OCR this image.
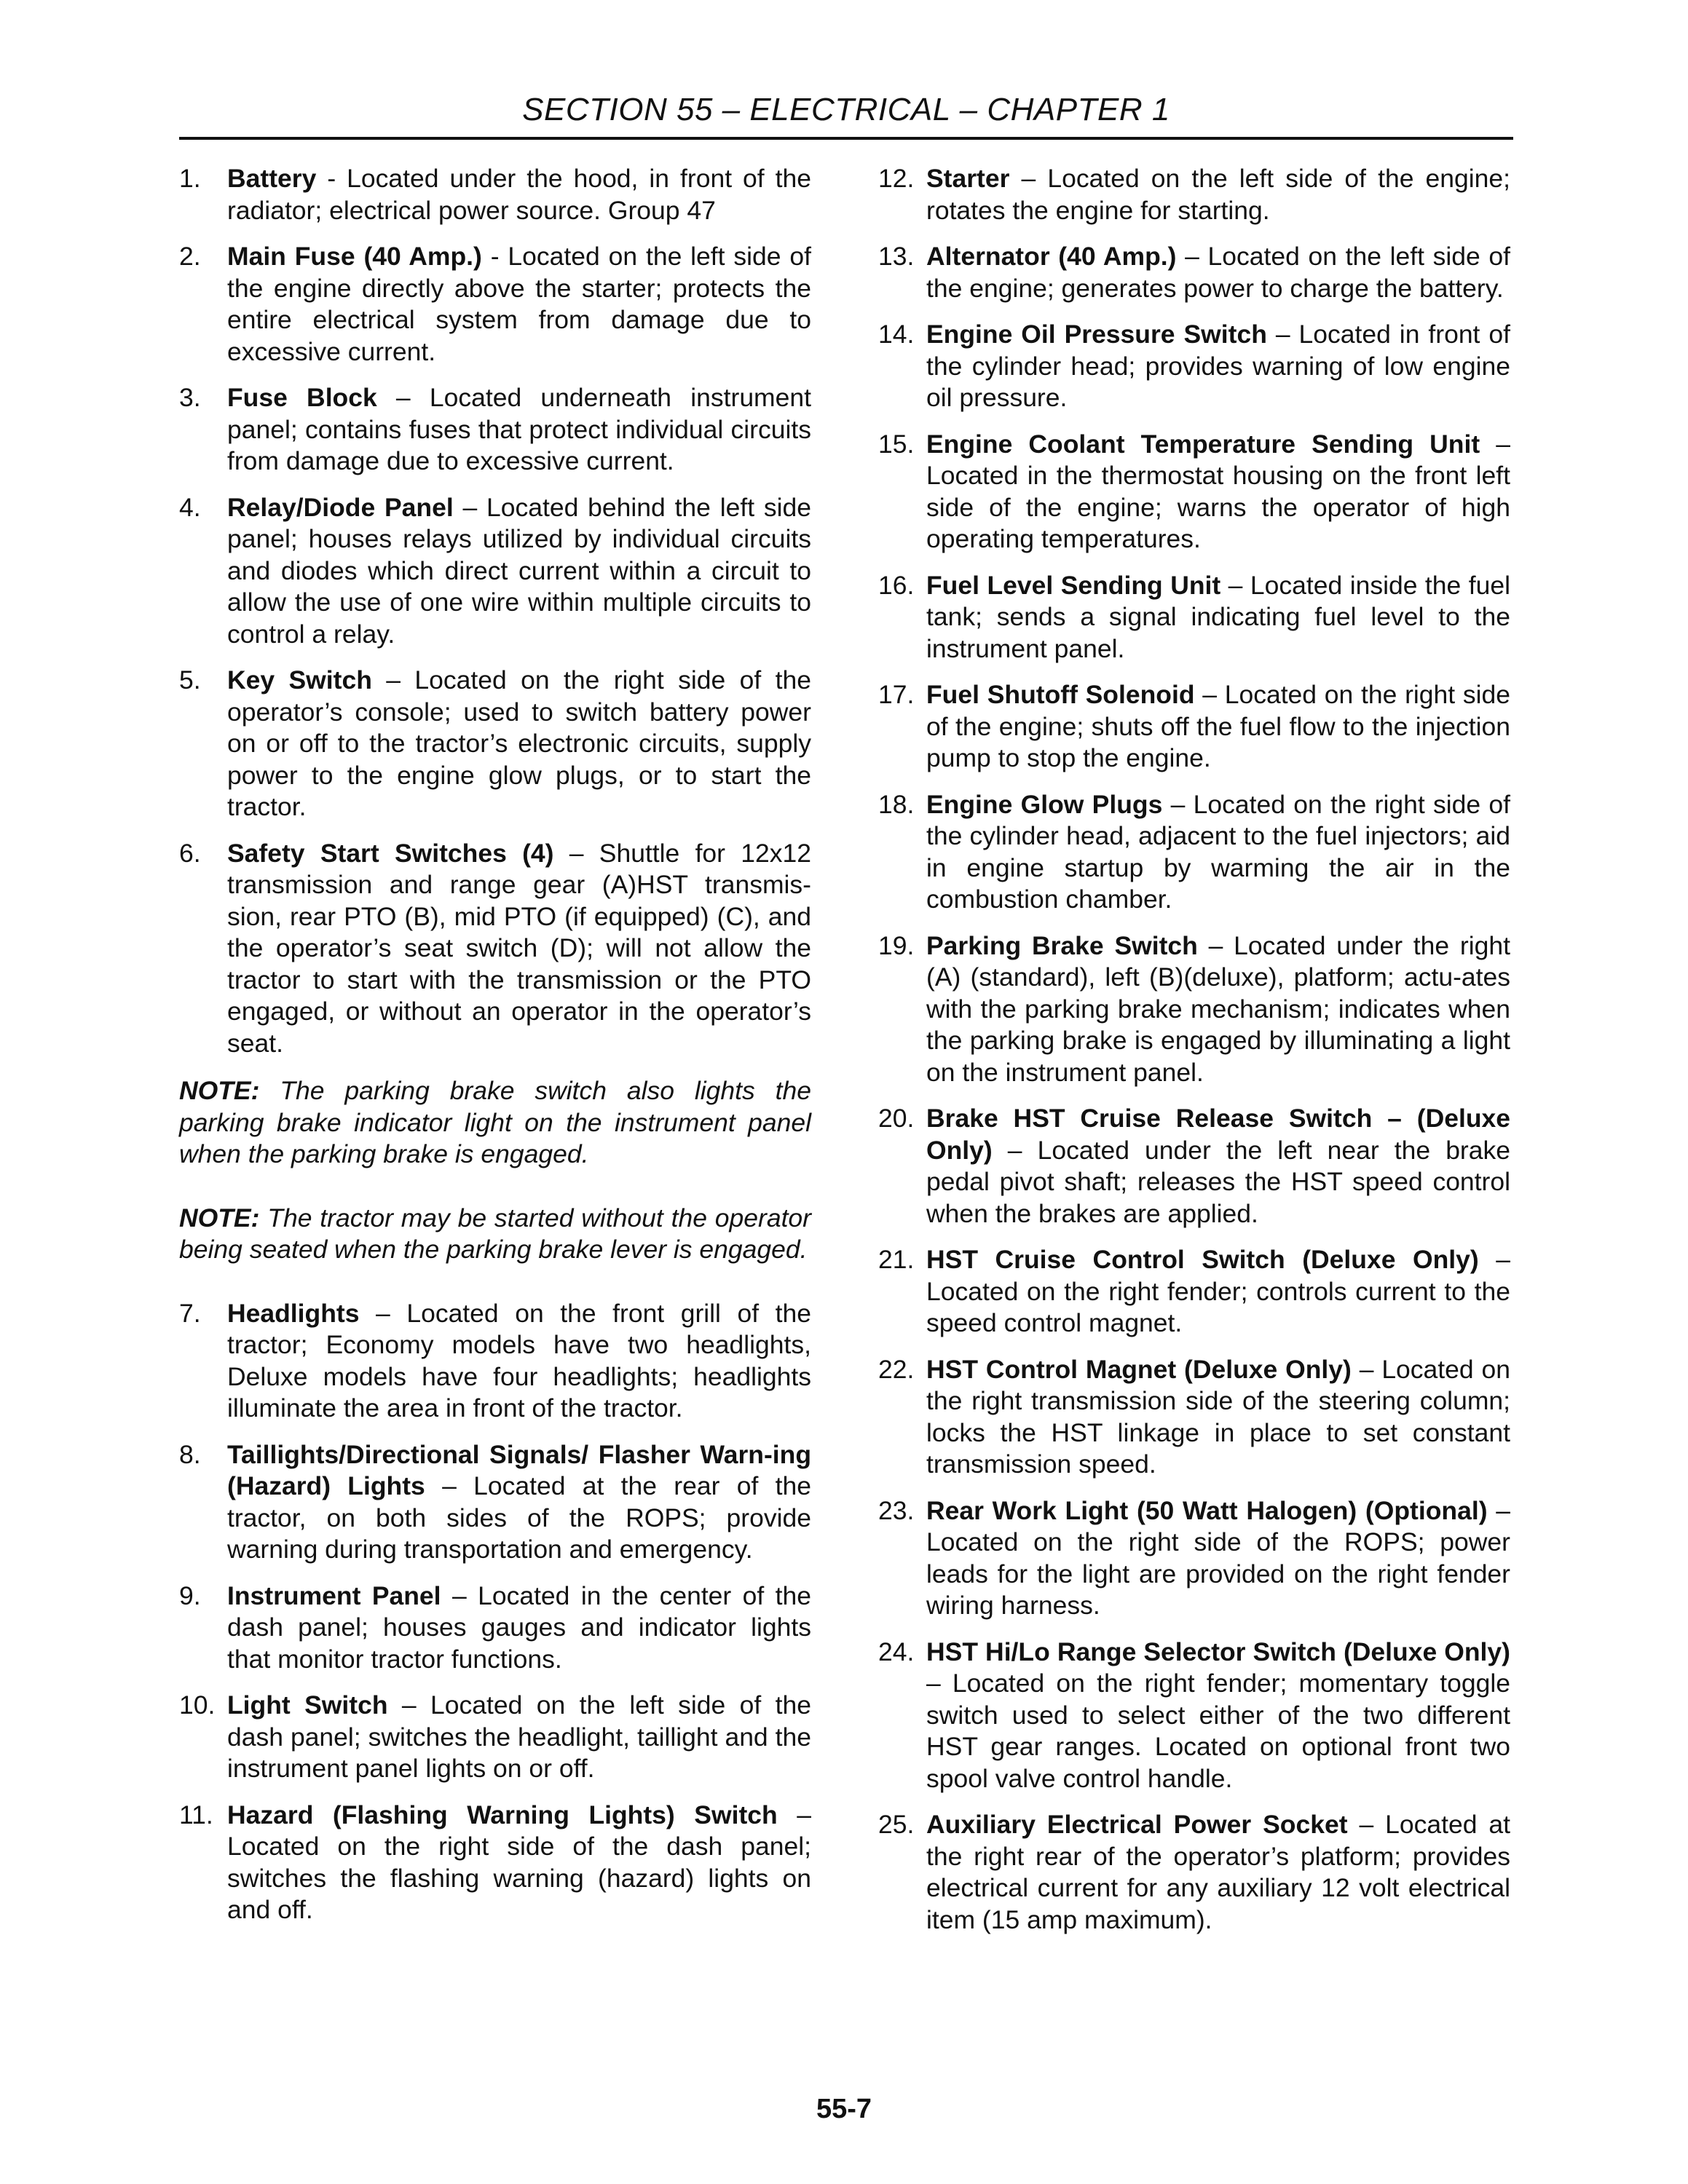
SECTION 55 – ELECTRICAL – CHAPTER 1
1. Battery - Located under the hood, in front of the radiator; electrical power source. Group 47
2. Main Fuse (40 Amp.) - Located on the left side of the engine directly above the starter; protects the entire electrical system from damage due to excessive current.
3. Fuse Block – Located underneath instrument panel; contains fuses that protect individual circuits from damage due to excessive current.
4. Relay/Diode Panel – Located behind the left side panel; houses relays utilized by individual circuits and diodes which direct current within a circuit to allow the use of one wire within multiple circuits to control a relay.
5. Key Switch – Located on the right side of the operator’s console; used to switch battery power on or off to the tractor’s electronic circuits, supply power to the engine glow plugs, or to start the tractor.
6. Safety Start Switches (4) – Shuttle for 12x12 transmission and range gear (A)HST transmis-sion, rear PTO (B), mid PTO (if equipped) (C), and the operator’s seat switch (D); will not allow the tractor to start with the transmission or the PTO engaged, or without an operator in the operator’s seat.
NOTE: The parking brake switch also lights the parking brake indicator light on the instrument panel when the parking brake is engaged.
NOTE: The tractor may be started without the operator being seated when the parking brake lever is engaged.
7. Headlights – Located on the front grill of the tractor; Economy models have two headlights, Deluxe models have four headlights; headlights illuminate the area in front of the tractor.
8. Taillights/Directional Signals/ Flasher Warn-ing (Hazard) Lights – Located at the rear of the tractor, on both sides of the ROPS; provide warning during transportation and emergency.
9. Instrument Panel – Located in the center of the dash panel; houses gauges and indicator lights that monitor tractor functions.
10. Light Switch – Located on the left side of the dash panel; switches the headlight, taillight and the instrument panel lights on or off.
11. Hazard (Flashing Warning Lights) Switch – Located on the right side of the dash panel; switches the flashing warning (hazard) lights on and off.
12. Starter – Located on the left side of the engine; rotates the engine for starting.
13. Alternator (40 Amp.) – Located on the left side of the engine; generates power to charge the battery.
14. Engine Oil Pressure Switch – Located in front of the cylinder head; provides warning of low engine oil pressure.
15. Engine Coolant Temperature Sending Unit – Located in the thermostat housing on the front left side of the engine; warns the operator of high operating temperatures.
16. Fuel Level Sending Unit – Located inside the fuel tank; sends a signal indicating fuel level to the instrument panel.
17. Fuel Shutoff Solenoid – Located on the right side of the engine; shuts off the fuel flow to the injection pump to stop the engine.
18. Engine Glow Plugs – Located on the right side of the cylinder head, adjacent to the fuel injectors; aid in engine startup by warming the air in the combustion chamber.
19. Parking Brake Switch – Located under the right (A) (standard), left (B)(deluxe), platform; actu-ates with the parking brake mechanism; indicates when the parking brake is engaged by illuminating a light on the instrument panel.
20. Brake HST Cruise Release Switch – (Deluxe Only) – Located under the left near the brake pedal pivot shaft; releases the HST speed control when the brakes are applied.
21. HST Cruise Control Switch (Deluxe Only) – Located on the right fender; controls current to the speed control magnet.
22. HST Control Magnet (Deluxe Only) – Located on the right transmission side of the steering column; locks the HST linkage in place to set constant transmission speed.
23. Rear Work Light (50 Watt Halogen) (Optional) – Located on the right side of the ROPS; power leads for the light are provided on the right fender wiring harness.
24. HST Hi/Lo Range Selector Switch (Deluxe Only) – Located on the right fender; momentary toggle switch used to select either of the two different HST gear ranges. Located on optional front two spool valve control handle.
25. Auxiliary Electrical Power Socket – Located at the right rear of the operator’s platform; provides electrical current for any auxiliary 12 volt electrical item (15 amp maximum).
55-7
